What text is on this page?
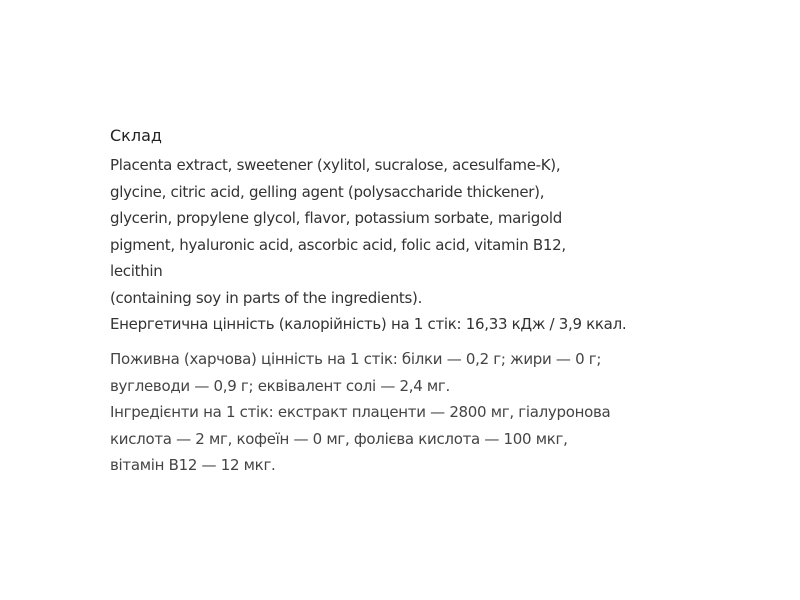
Склад
Placenta extract, sweetener (xylitol, sucralose, acesulfame-K),
glycine, citric acid, gelling agent (polysaccharide thickener),
glycerin, propylene glycol, flavor, potassium sorbate, marigold
pigment, hyaluronic acid, ascorbic acid, folic acid, vitamin B12,
lecithin
(containing soy in parts of the ingredients).
Енергетична цінність (калорійність) на 1 стік: 16,33 кДж / 3,9 ккал.
Поживна (харчова) цінність на 1 стік: білки — 0,2 г; жири — 0 г;
вуглеводи — 0,9 г; еквівалент солі — 2,4 мг.
Інгредієнти на 1 стік: екстракт плаценти — 2800 мг, гіалуронова
кислота — 2 мг, кофеїн — 0 мг, фолієва кислота — 100 мкг,
вітамін B12 — 12 мкг.
